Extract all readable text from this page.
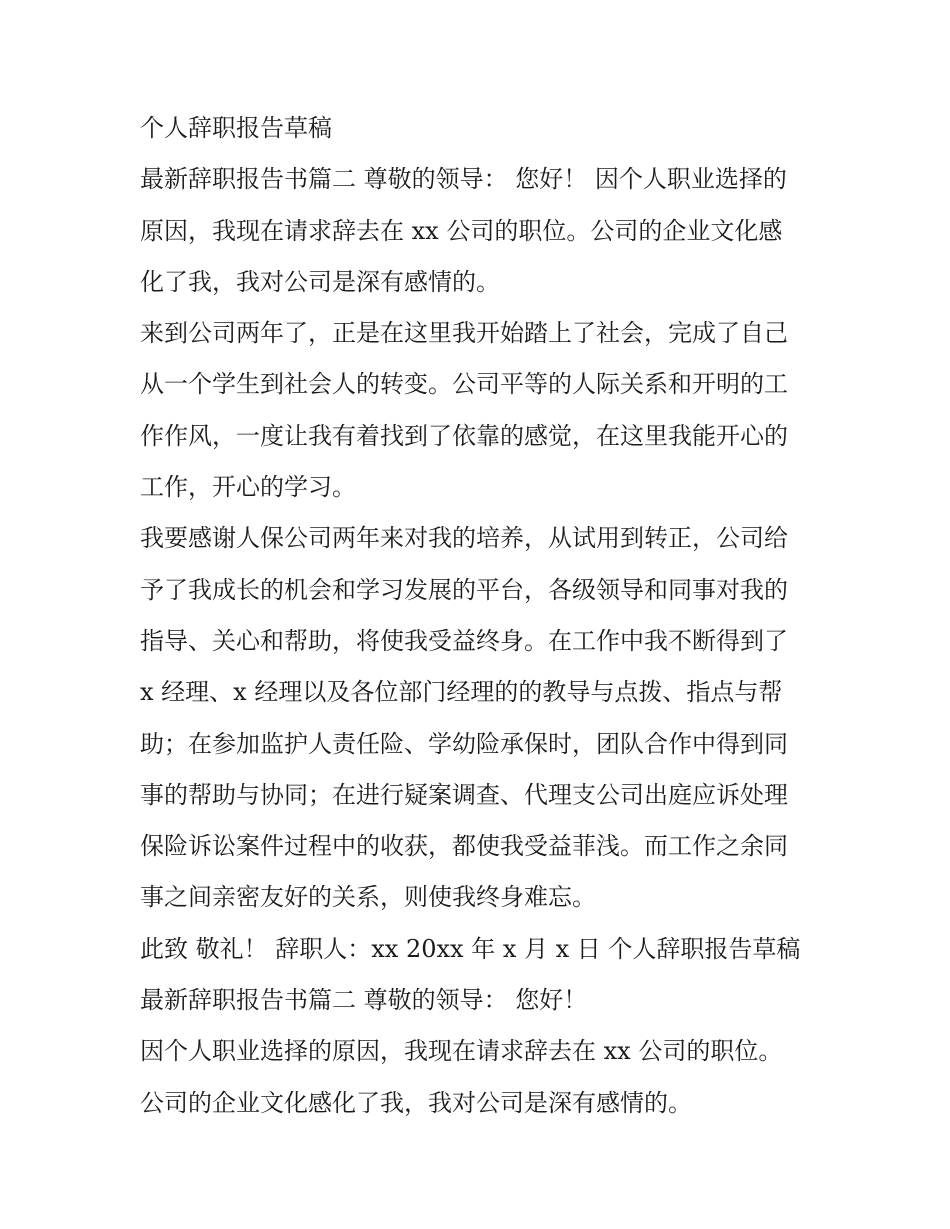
个人辞职报告草稿
最新辞职报告书篇二 尊敬的领导： 您好！ 因个人职业选择的
原因，我现在请求辞去在 xx 公司的职位。公司的企业文化感
化了我，我对公司是深有感情的。
来到公司两年了，正是在这里我开始踏上了社会，完成了自己
从一个学生到社会人的转变。公司平等的人际关系和开明的工
作作风，一度让我有着找到了依靠的感觉，在这里我能开心的
工作，开心的学习。
我要感谢人保公司两年来对我的培养，从试用到转正，公司给
予了我成长的机会和学习发展的平台，各级领导和同事对我的
指导、关心和帮助，将使我受益终身。在工作中我不断得到了
x 经理、x 经理以及各位部门经理的的教导与点拨、指点与帮
助；在参加监护人责任险、学幼险承保时，团队合作中得到同
事的帮助与协同；在进行疑案调查、代理支公司出庭应诉处理
保险诉讼案件过程中的收获，都使我受益菲浅。而工作之余同
事之间亲密友好的关系，则使我终身难忘。
此致 敬礼！ 辞职人：xx 20xx 年 x 月 x 日 个人辞职报告草稿
最新辞职报告书篇二 尊敬的领导： 您好！
因个人职业选择的原因，我现在请求辞去在 xx 公司的职位。
公司的企业文化感化了我，我对公司是深有感情的。
